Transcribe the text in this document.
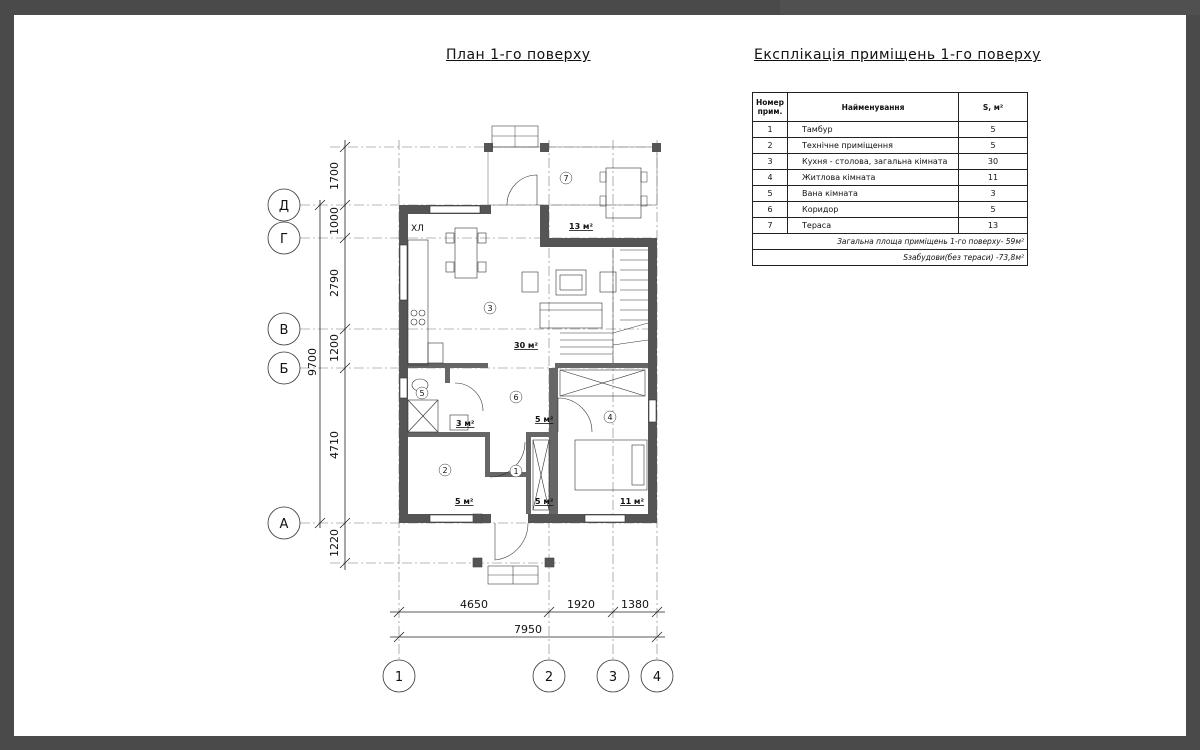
План 1-го поверху	Експлікація приміщень 1-го поверху
Номер прим.	Найменування	S, м²
1	Тамбур	5
2	Технічне приміщення	5
3	Кухня - столова, загальна кімната	30
4	Житлова кімната	11
5	Вана кімната	3
6	Коридор	5
7	Тераса	13
Загальна площа приміщень 1-го поверху- 59м²		
Sзабудови(без тераси) -73,8м²		
1700
1000
2790
1200
4710
1220
9700
4650	1920 1380
7950
Д
Г
В
Б
А
1	2	3	4
ХЛ
1
5 м²
2
5 м²
3
30 м²
4
11 м²
5
3 м²
6
5 м²
7
13 м²
